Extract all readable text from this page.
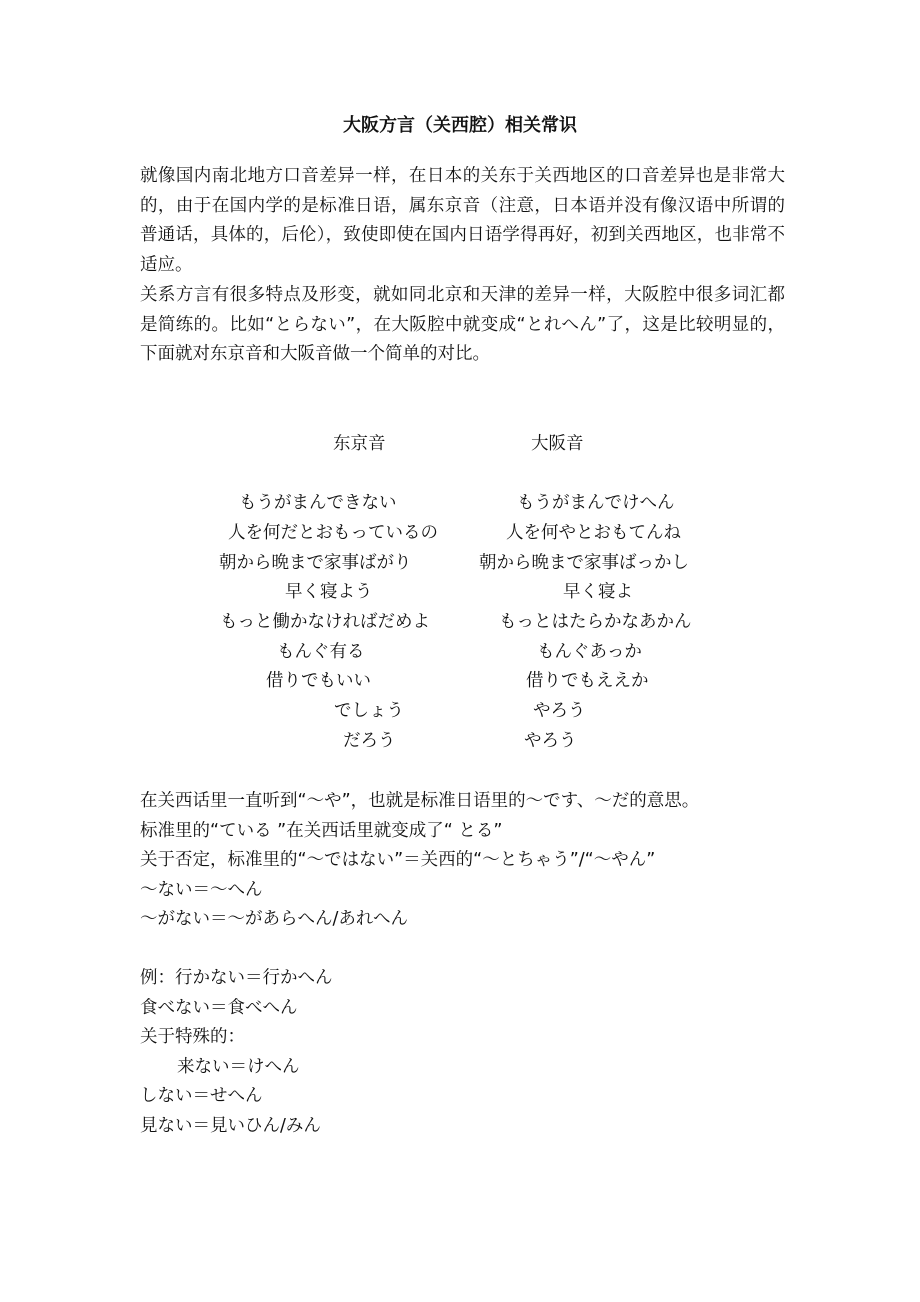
大阪方言（关西腔）相关常识
就像国内南北地方口音差异一样，在日本的关东于关西地区的口音差异也是非常大的，由于在国内学的是标准日语，属东京音（注意，日本语并没有像汉语中所谓的普通话，具体的，后伦），致使即使在国内日语学得再好，初到关西地区，也非常不适应。
关系方言有很多特点及形变，就如同北京和天津的差异一样，大阪腔中很多词汇都是简练的。比如“とらない”，在大阪腔中就变成“とれへん”了，这是比较明显的，下面就对东京音和大阪音做一个简单的对比。
东京音	大阪音
もうがまんできない	もうがまんでけへん
人を何だとおもっているの	人を何やとおもてんね
朝から晩まで家事ばがり	朝から晩まで家事ばっかし
早く寝よう	早く寝よ
もっと働かなければだめよ	もっとはたらかなあかん
もんぐ有る	もんぐあっか
借りでもいい	借りでもええか
でしょう	やろう
だろう	やろう
在关西话里一直听到“～や”，也就是标准日语里的～です、～だ的意思。
标准里的“ている ”在关西话里就变成了“ とる”
关于否定，标准里的“～ではない”＝关西的“～とちゃう”/“～やん”
～ない＝～へん
～がない＝～があらへん/あれへん
例：行かない＝行かへん
食べない＝食べへん
关于特殊的：
来ない＝けへん
しない＝せへん
見ない＝見いひん/みん
